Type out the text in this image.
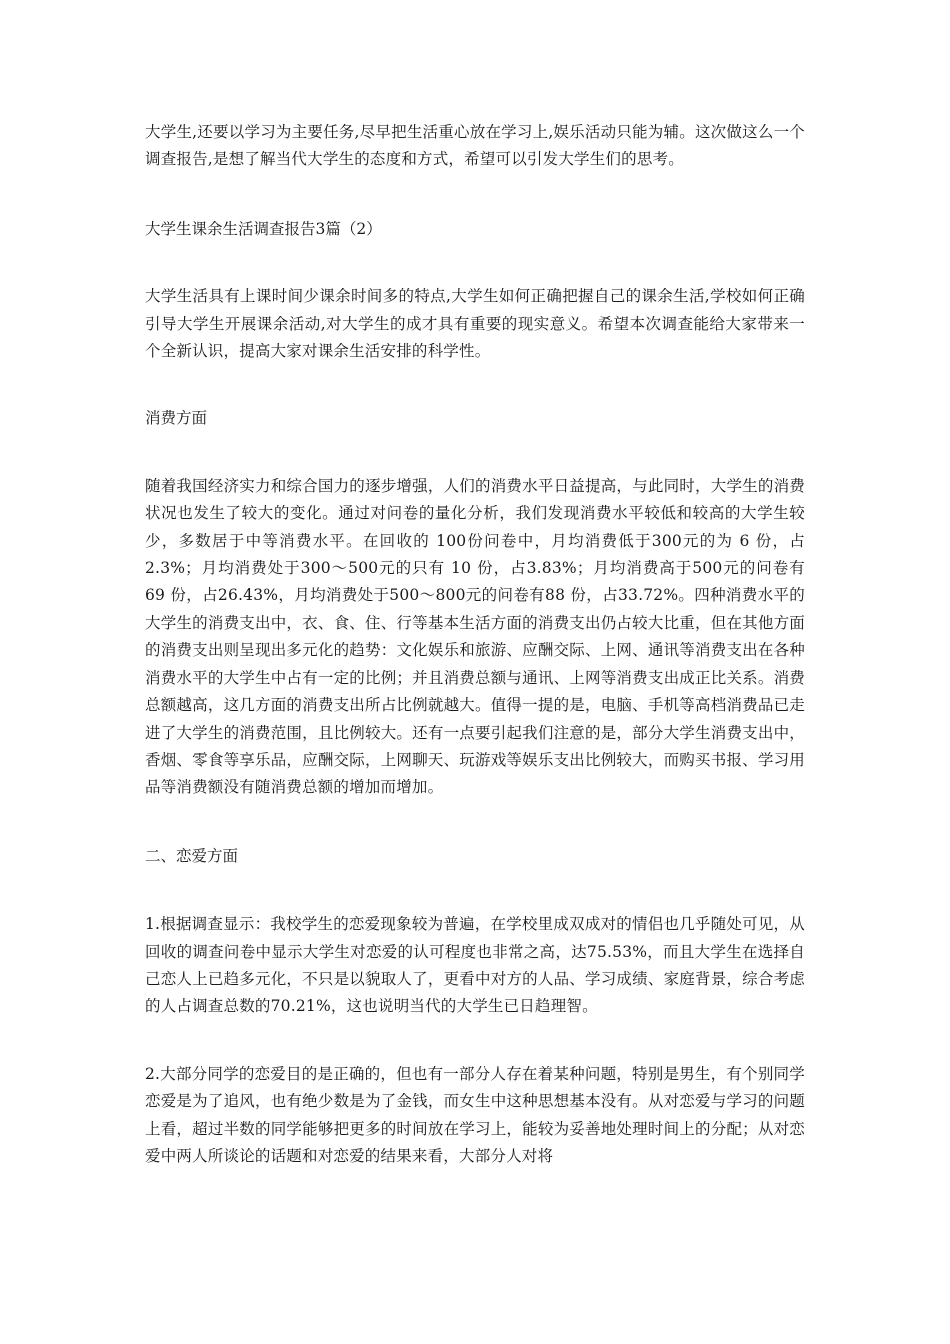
大学生,还要以学习为主要任务,尽早把生活重心放在学习上,娱乐活动只能为辅。这次做这么一个调查报告,是想了解当代大学生的态度和方式，希望可以引发大学生们的思考。

大学生课余生活调查报告3篇（2）

大学生活具有上课时间少课余时间多的特点,大学生如何正确把握自己的课余生活,学校如何正确引导大学生开展课余活动,对大学生的成才具有重要的现实意义。希望本次调查能给大家带来一个全新认识，提高大家对课余生活安排的科学性。

消费方面

随着我国经济实力和综合国力的逐步增强，人们的消费水平日益提高，与此同时，大学生的消费状况也发生了较大的变化。通过对问卷的量化分析，我们发现消费水平较低和较高的大学生较少，多数居于中等消费水平。在回收的 100份问卷中，月均消费低于300元的为 6 份，占2.3%；月均消费处于300～500元的只有 10 份，占3.83%；月均消费高于500元的问卷有 69 份，占26.43%，月均消费处于500～800元的问卷有88 份，占33.72%。四种消费水平的大学生的消费支出中，衣、食、住、行等基本生活方面的消费支出仍占较大比重，但在其他方面的消费支出则呈现出多元化的趋势：文化娱乐和旅游、应酬交际、上网、通讯等消费支出在各种消费水平的大学生中占有一定的比例；并且消费总额与通讯、上网等消费支出成正比关系。消费总额越高，这几方面的消费支出所占比例就越大。值得一提的是，电脑、手机等高档消费品已走进了大学生的消费范围，且比例较大。还有一点要引起我们注意的是，部分大学生消费支出中，香烟、零食等享乐品，应酬交际，上网聊天、玩游戏等娱乐支出比例较大，而购买书报、学习用品等消费额没有随消费总额的增加而增加。

二、恋爱方面

1.根据调查显示：我校学生的恋爱现象较为普遍，在学校里成双成对的情侣也几乎随处可见，从回收的调查问卷中显示大学生对恋爱的认可程度也非常之高，达75.53%，而且大学生在选择自己恋人上已趋多元化，不只是以貌取人了，更看中对方的人品、学习成绩、家庭背景，综合考虑的人占调查总数的70.21%，这也说明当代的大学生已日趋理智。

2.大部分同学的恋爱目的是正确的，但也有一部分人存在着某种问题，特别是男生，有个别同学恋爱是为了追风，也有绝少数是为了金钱，而女生中这种思想基本没有。从对恋爱与学习的问题上看，超过半数的同学能够把更多的时间放在学习上，能较为妥善地处理时间上的分配；从对恋爱中两人所谈论的话题和对恋爱的结果来看，大部分人对将
